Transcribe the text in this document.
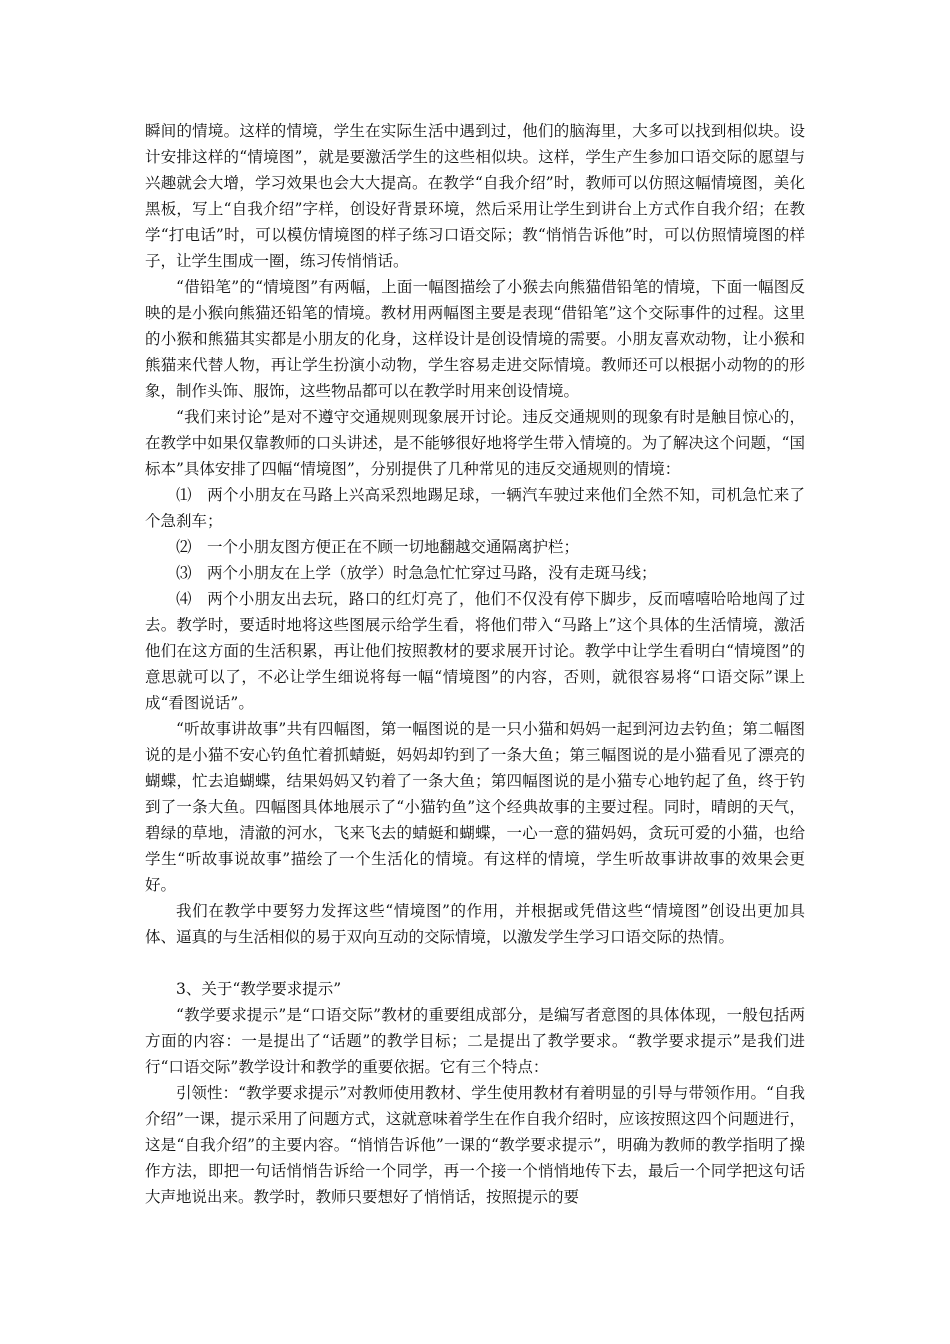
瞬间的情境。这样的情境，学生在实际生活中遇到过，他们的脑海里，大多可以找到相似块。设计安排这样的“情境图”，就是要激活学生的这些相似块。这样，学生产生参加口语交际的愿望与兴趣就会大增，学习效果也会大大提高。在教学“自我介绍”时，教师可以仿照这幅情境图，美化黑板，写上“自我介绍”字样，创设好背景环境，然后采用让学生到讲台上方式作自我介绍；在教学“打电话”时，可以模仿情境图的样子练习口语交际；教“悄悄告诉他”时，可以仿照情境图的样子，让学生围成一圈，练习传悄悄话。

“借铅笔”的“情境图”有两幅，上面一幅图描绘了小猴去向熊猫借铅笔的情境，下面一幅图反映的是小猴向熊猫还铅笔的情境。教材用两幅图主要是表现“借铅笔”这个交际事件的过程。这里的小猴和熊猫其实都是小朋友的化身，这样设计是创设情境的需要。小朋友喜欢动物，让小猴和熊猫来代替人物，再让学生扮演小动物，学生容易走进交际情境。教师还可以根据小动物的的形象，制作头饰、服饰，这些物品都可以在教学时用来创设情境。

“我们来讨论”是对不遵守交通规则现象展开讨论。违反交通规则的现象有时是触目惊心的，在教学中如果仅靠教师的口头讲述，是不能够很好地将学生带入情境的。为了解决这个问题，“国标本”具体安排了四幅“情境图”，分别提供了几种常见的违反交通规则的情境：

⑴ 两个小朋友在马路上兴高采烈地踢足球，一辆汽车驶过来他们全然不知，司机急忙来了个急刹车；

⑵ 一个小朋友图方便正在不顾一切地翻越交通隔离护栏；

⑶ 两个小朋友在上学（放学）时急急忙忙穿过马路，没有走斑马线；

⑷ 两个小朋友出去玩，路口的红灯亮了，他们不仅没有停下脚步，反而嘻嘻哈哈地闯了过去。教学时，要适时地将这些图展示给学生看，将他们带入“马路上”这个具体的生活情境，激活他们在这方面的生活积累，再让他们按照教材的要求展开讨论。教学中让学生看明白“情境图”的意思就可以了，不必让学生细说将每一幅“情境图”的内容，否则，就很容易将“口语交际”课上成“看图说话”。

“听故事讲故事”共有四幅图，第一幅图说的是一只小猫和妈妈一起到河边去钓鱼；第二幅图说的是小猫不安心钓鱼忙着抓蜻蜓，妈妈却钓到了一条大鱼；第三幅图说的是小猫看见了漂亮的蝴蝶，忙去追蝴蝶，结果妈妈又钓着了一条大鱼；第四幅图说的是小猫专心地钓起了鱼，终于钓到了一条大鱼。四幅图具体地展示了“小猫钓鱼”这个经典故事的主要过程。同时，晴朗的天气，碧绿的草地，清澈的河水，飞来飞去的蜻蜓和蝴蝶，一心一意的猫妈妈，贪玩可爱的小猫，也给学生“听故事说故事”描绘了一个生活化的情境。有这样的情境，学生听故事讲故事的效果会更好。

我们在教学中要努力发挥这些“情境图”的作用，并根据或凭借这些“情境图”创设出更加具体、逼真的与生活相似的易于双向互动的交际情境，以激发学生学习口语交际的热情。

3、关于“教学要求提示”

“教学要求提示”是“口语交际”教材的重要组成部分，是编写者意图的具体体现，一般包括两方面的内容：一是提出了“话题”的教学目标；二是提出了教学要求。“教学要求提示”是我们进行“口语交际”教学设计和教学的重要依据。它有三个特点：

引领性：“教学要求提示”对教师使用教材、学生使用教材有着明显的引导与带领作用。“自我介绍”一课，提示采用了问题方式，这就意味着学生在作自我介绍时，应该按照这四个问题进行，这是“自我介绍”的主要内容。“悄悄告诉他”一课的“教学要求提示”，明确为教师的教学指明了操作方法，即把一句话悄悄告诉给一个同学，再一个接一个悄悄地传下去，最后一个同学把这句话大声地说出来。教学时，教师只要想好了悄悄话，按照提示的要
